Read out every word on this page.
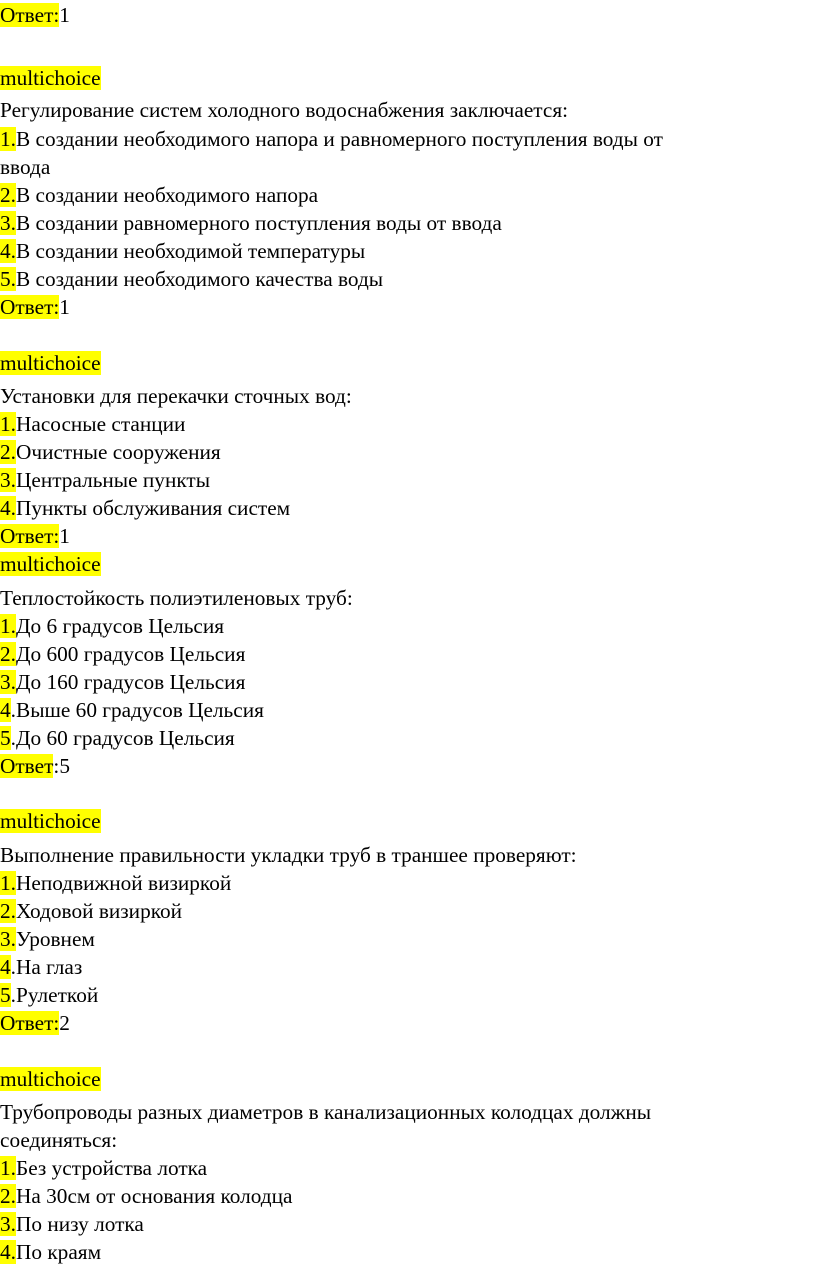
Ответ:1
multichoice
Регулирование систем холодного водоснабжения заключается:
1.В создании необходимого напора и равномерного поступления воды от
ввода
2.В создании необходимого напора
3.В создании равномерного поступления воды от ввода
4.В создании необходимой температуры
5.В создании необходимого качества воды
Ответ:1
multichoice
Установки для перекачки сточных вод:
1.Насосные станции
2.Очистные сооружения
3.Центральные пункты
4.Пункты обслуживания систем
Ответ:1
multichoice
Теплостойкость полиэтиленовых труб:
1.До 6 градусов Цельсия
2.До 600 градусов Цельсия
3.До 160 градусов Цельсия
4.Выше 60 градусов Цельсия
5.До 60 градусов Цельсия
Ответ:5
multichoice
Выполнение правильности укладки труб в траншее проверяют:
1.Неподвижной визиркой
2.Ходовой визиркой
3.Уровнем
4.На глаз
5.Рулеткой
Ответ:2
multichoice
Трубопроводы разных диаметров в канализационных колодцах должны
соединяться:
1.Без устройства лотка
2.На 30см от основания колодца
3.По низу лотка
4.По краям
